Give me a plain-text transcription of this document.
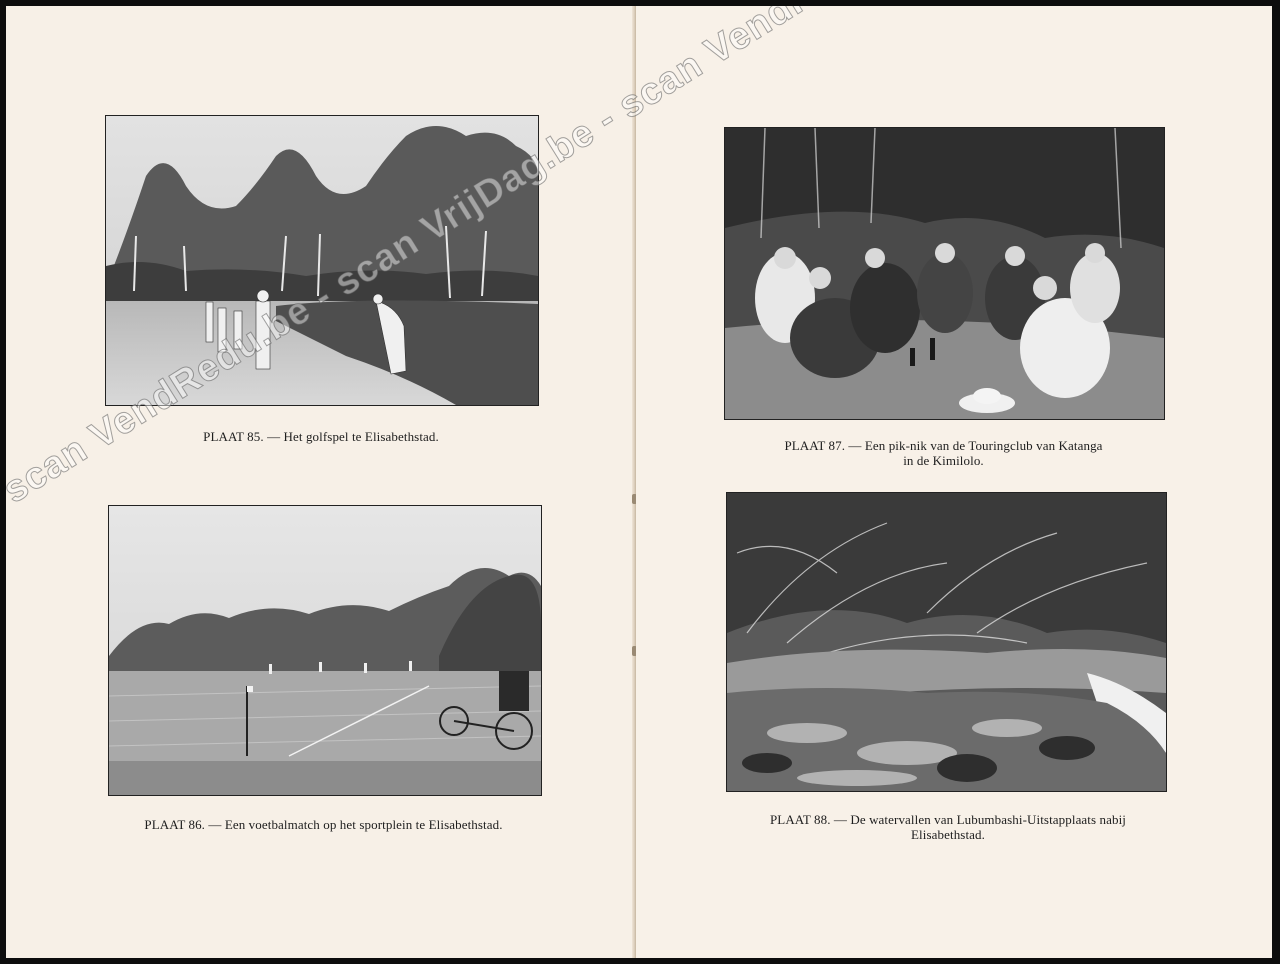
PLAAT 85. — Het golfspel te Elisabethstad.
PLAAT 86. — Een voetbalmatch op het sportplein te Elisabethstad.
PLAAT 87. — Een pik-nik van de Touringclub van Katanga
in de Kimilolo.
PLAAT 88. — De watervallen van Lubumbashi-Uitstapplaats nabij
Elisabethstad.
scan VendRedu.be - scan VrijDag.be - scan
